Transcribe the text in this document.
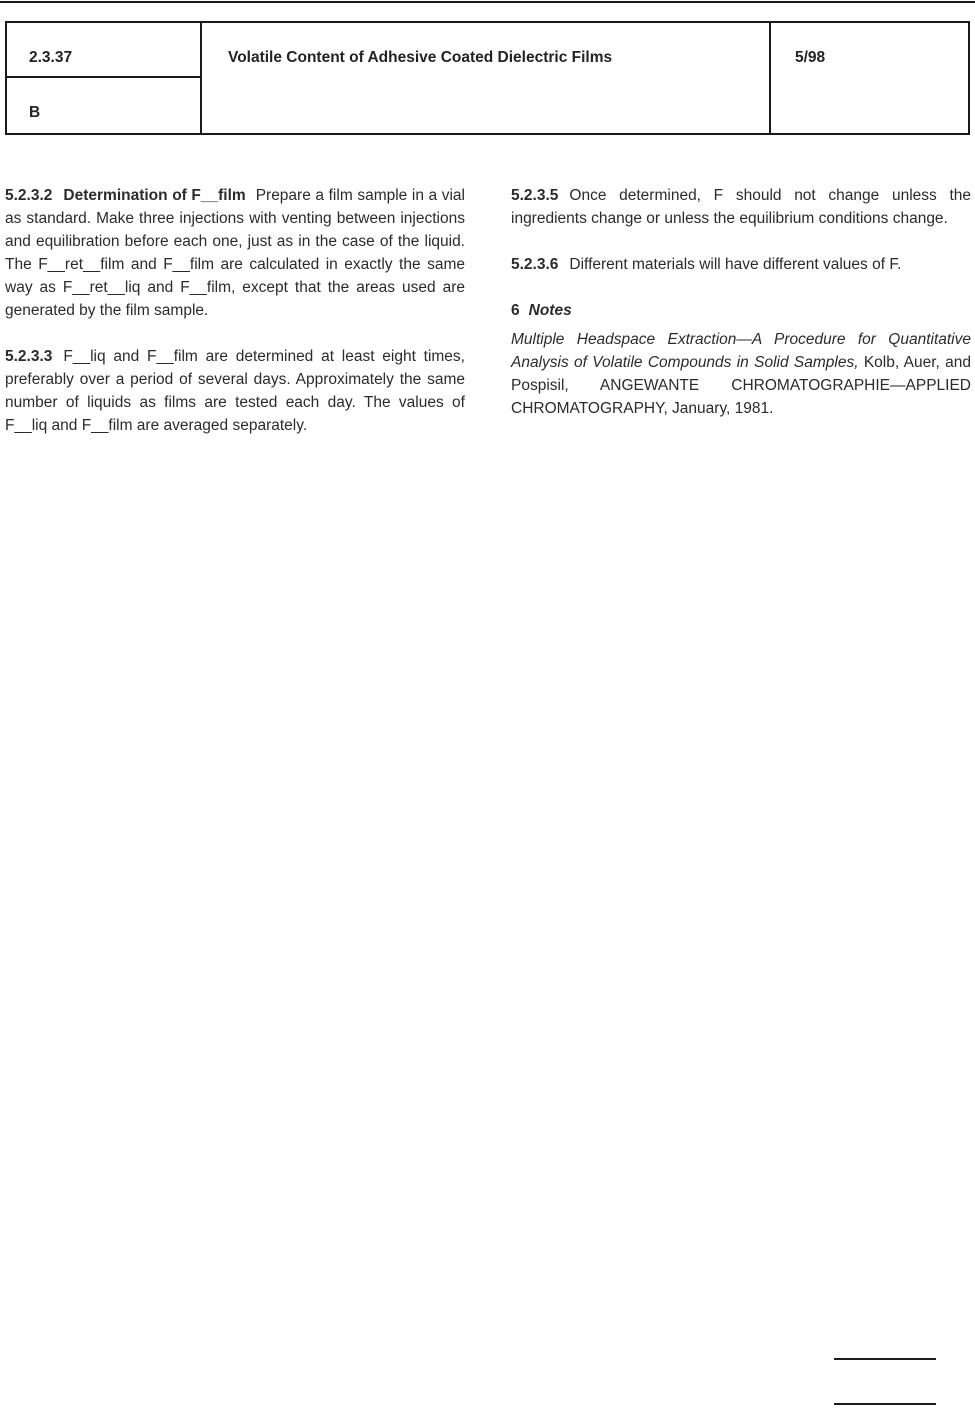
2.3.37
B
Volatile Content of Adhesive Coated Dielectric Films	5/98

5.2.3.2 Determination of F__film Prepare a film sample in a vial as standard. Make three injections with venting between injections and equilibration before each one, just as in the case of the liquid. The F__ret__film and F__film are calculated in exactly the same way as F__ret__liq and F__film, except that the areas used are generated by the film sample.

5.2.3.3 F__liq and F__film are determined at least eight times, preferably over a period of several days. Approximately the same number of liquids as films are tested each day. The values of F__liq and F__film are averaged separately.

5.2.3.5 Once determined, F should not change unless the ingredients change or unless the equilibrium conditions change.

5.2.3.6 Different materials will have different values of F.

6 Notes

Multiple Headspace Extraction—A Procedure for Quantitative Analysis of Volatile Compounds in Solid Samples, Kolb, Auer, and Pospisil, ANGEWANTE CHROMATOGRAPHIE—APPLIED CHROMATOGRAPHY, January, 1981.
